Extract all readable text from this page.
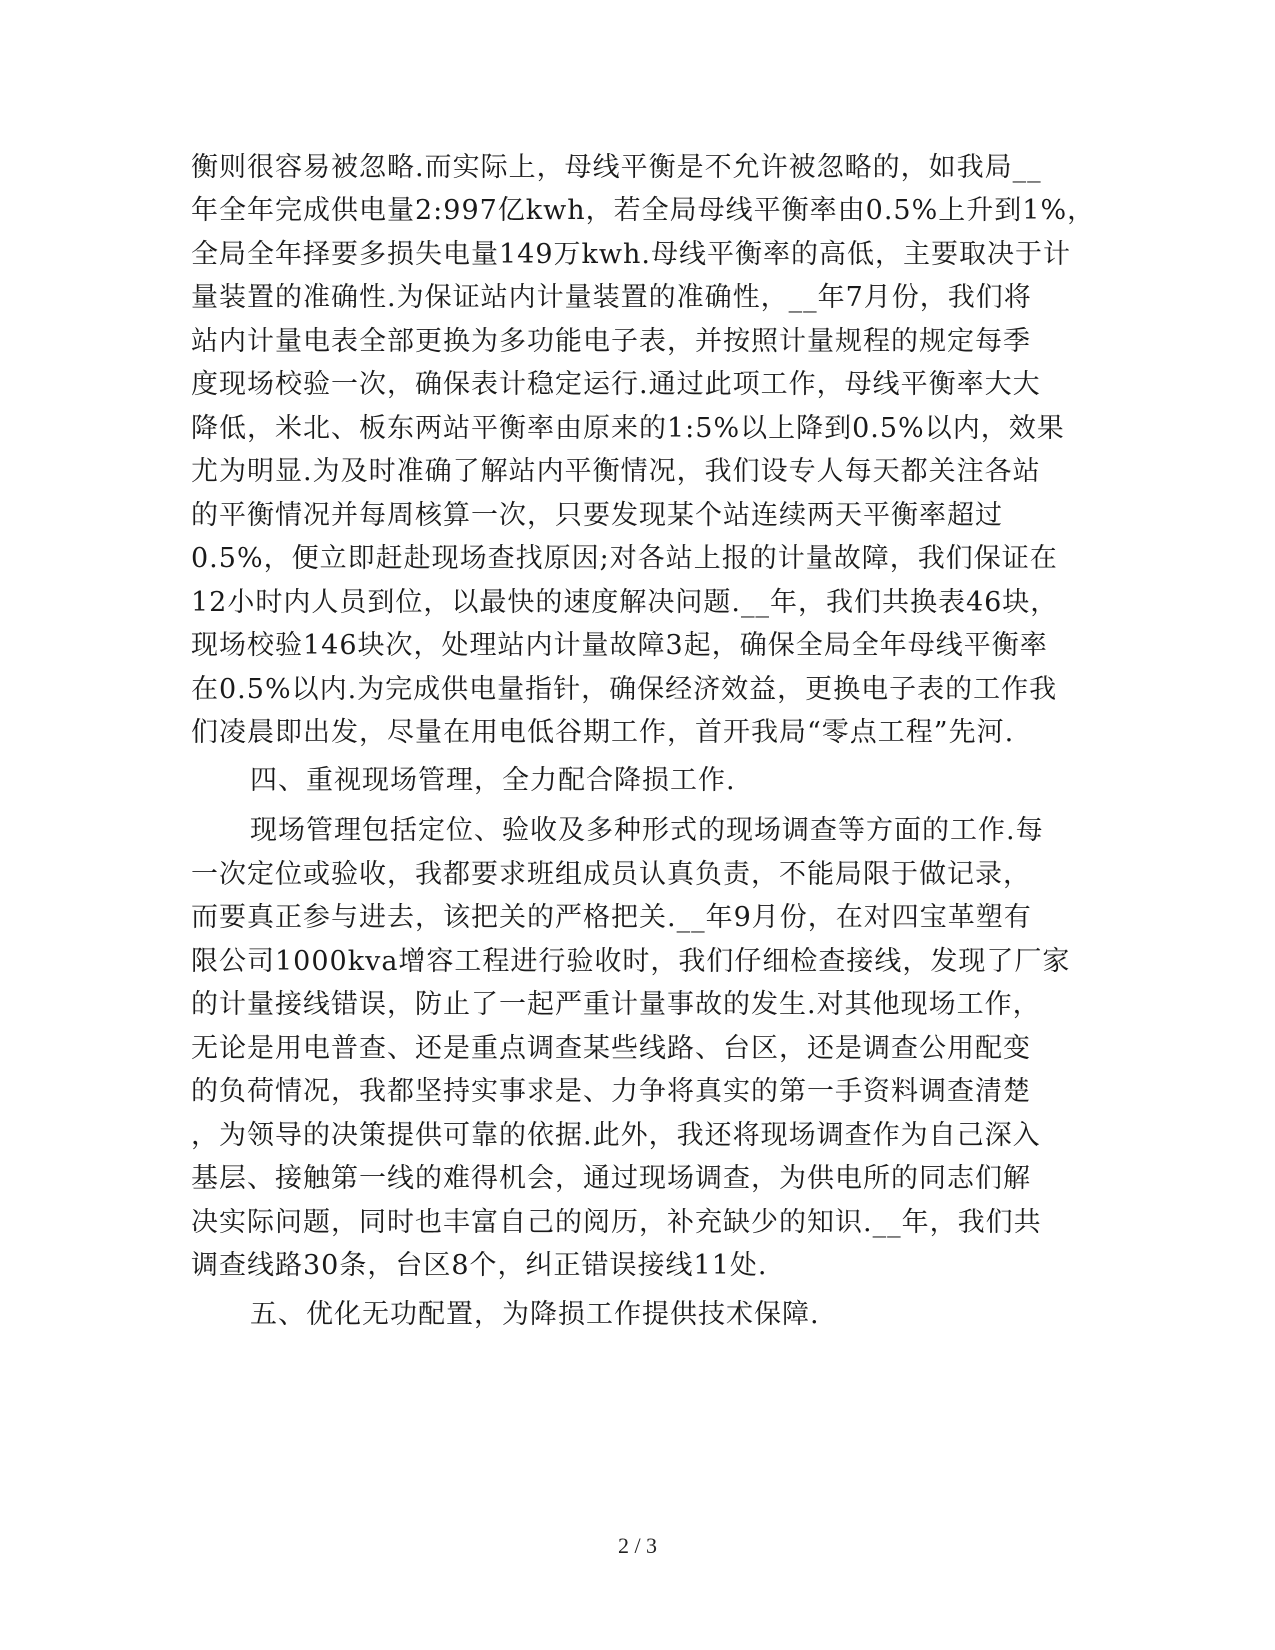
衡则很容易被忽略.而实际上，母线平衡是不允许被忽略的，如我局__
年全年完成供电量2:997亿kwh，若全局母线平衡率由0.5%上升到1%，
全局全年择要多损失电量149万kwh.母线平衡率的高低，主要取决于计
量装置的准确性.为保证站内计量装置的准确性，__年7月份，我们将
站内计量电表全部更换为多功能电子表，并按照计量规程的规定每季
度现场校验一次，确保表计稳定运行.通过此项工作，母线平衡率大大
降低，米北、板东两站平衡率由原来的1:5%以上降到0.5%以内，效果
尤为明显.为及时准确了解站内平衡情况，我们设专人每天都关注各站
的平衡情况并每周核算一次，只要发现某个站连续两天平衡率超过
0.5%，便立即赶赴现场查找原因;对各站上报的计量故障，我们保证在
12小时内人员到位，以最快的速度解决问题.__年，我们共换表46块，
现场校验146块次，处理站内计量故障3起，确保全局全年母线平衡率
在0.5%以内.为完成供电量指针，确保经济效益，更换电子表的工作我
们凌晨即出发，尽量在用电低谷期工作，首开我局“零点工程”先河.
四、重视现场管理，全力配合降损工作.
现场管理包括定位、验收及多种形式的现场调查等方面的工作.每
一次定位或验收，我都要求班组成员认真负责，不能局限于做记录，
而要真正参与进去，该把关的严格把关.__年9月份，在对四宝革塑有
限公司1000kva增容工程进行验收时，我们仔细检查接线，发现了厂家
的计量接线错误，防止了一起严重计量事故的发生.对其他现场工作，
无论是用电普查、还是重点调查某些线路、台区，还是调查公用配变
的负荷情况，我都坚持实事求是、力争将真实的第一手资料调查清楚
，为领导的决策提供可靠的依据.此外，我还将现场调查作为自己深入
基层、接触第一线的难得机会，通过现场调查，为供电所的同志们解
决实际问题，同时也丰富自己的阅历，补充缺少的知识.__年，我们共
调查线路30条，台区8个，纠正错误接线11处.
五、优化无功配置，为降损工作提供技术保障.
2 / 3
